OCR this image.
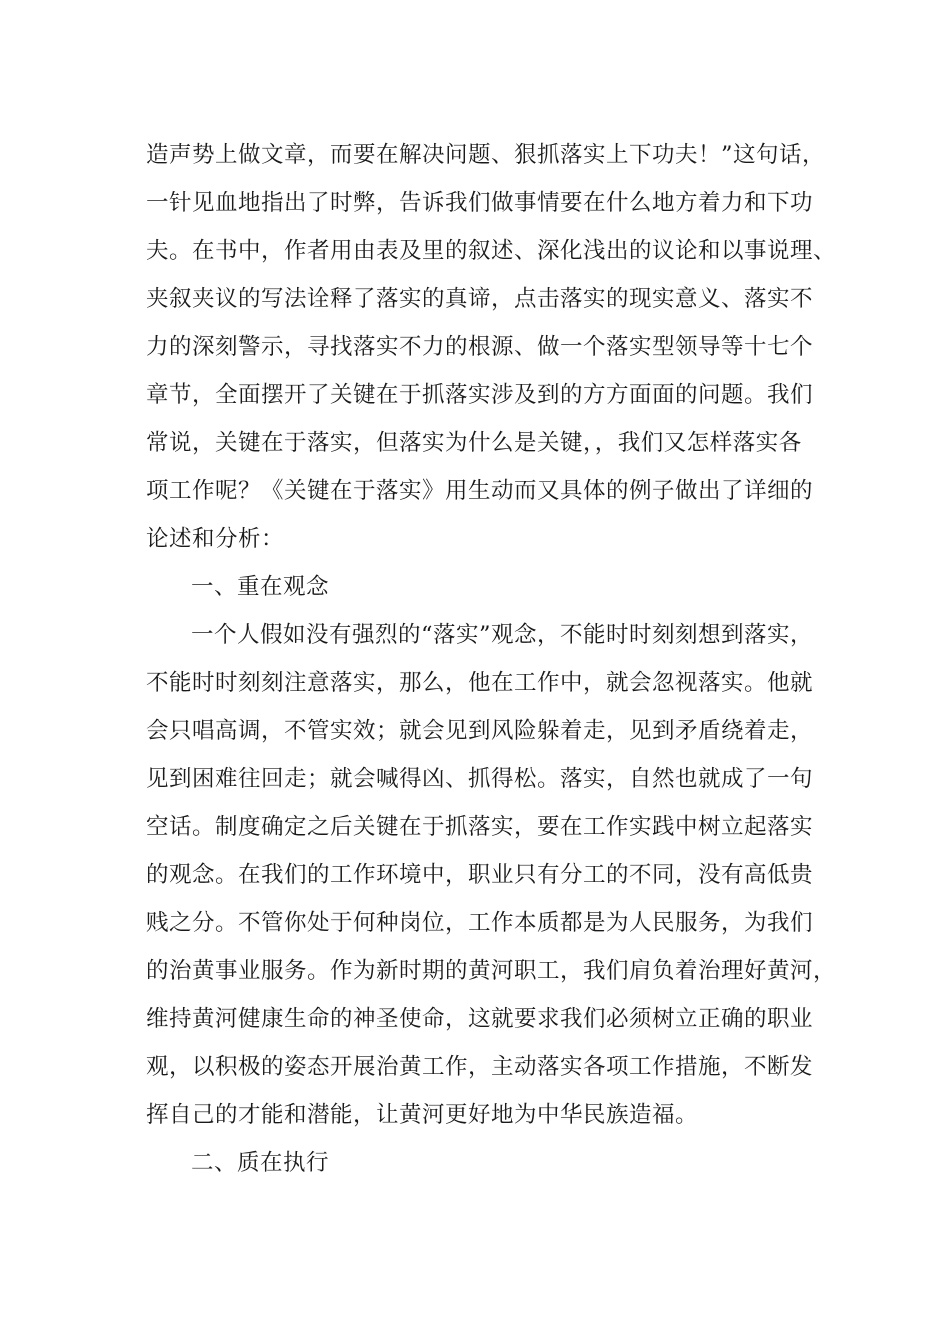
造声势上做文章，而要在解决问题、狠抓落实上下功夫！”这句话，
一针见血地指出了时弊，告诉我们做事情要在什么地方着力和下功
夫。在书中，作者用由表及里的叙述、深化浅出的议论和以事说理、
夹叙夹议的写法诠释了落实的真谛，点击落实的现实意义、落实不
力的深刻警示，寻找落实不力的根源、做一个落实型领导等十七个
章节，全面摆开了关键在于抓落实涉及到的方方面面的问题。我们
常说，关键在于落实，但落实为什么是关键，，我们又怎样落实各
项工作呢？《关键在于落实》用生动而又具体的例子做出了详细的
论述和分析：
一、重在观念
一个人假如没有强烈的“落实”观念，不能时时刻刻想到落实，
不能时时刻刻注意落实，那么，他在工作中，就会忽视落实。他就
会只唱高调，不管实效；就会见到风险躲着走，见到矛盾绕着走，
见到困难往回走；就会喊得凶、抓得松。落实，自然也就成了一句
空话。制度确定之后关键在于抓落实，要在工作实践中树立起落实
的观念。在我们的工作环境中，职业只有分工的不同，没有高低贵
贱之分。不管你处于何种岗位，工作本质都是为人民服务，为我们
的治黄事业服务。作为新时期的黄河职工，我们肩负着治理好黄河，
维持黄河健康生命的神圣使命，这就要求我们必须树立正确的职业
观，以积极的姿态开展治黄工作，主动落实各项工作措施，不断发
挥自己的才能和潜能，让黄河更好地为中华民族造福。
二、质在执行
